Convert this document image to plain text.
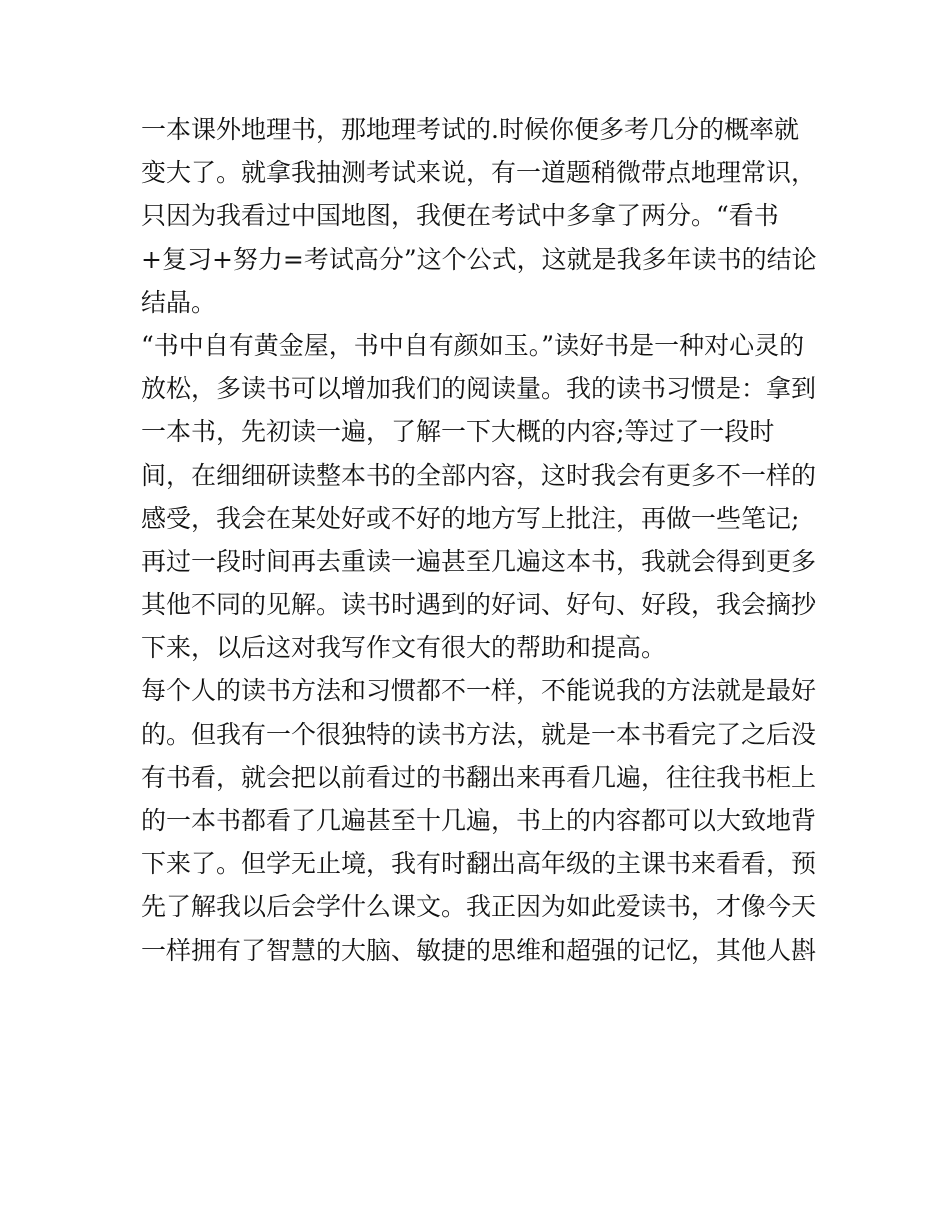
一本课外地理书，那地理考试的.时候你便多考几分的概率就
变大了。就拿我抽测考试来说，有一道题稍微带点地理常识，
只因为我看过中国地图，我便在考试中多拿了两分。“看书
+复习+努力=考试高分”这个公式，这就是我多年读书的结论
结晶。
“书中自有黄金屋，书中自有颜如玉。”读好书是一种对心灵的
放松，多读书可以增加我们的阅读量。我的读书习惯是：拿到
一本书，先初读一遍，了解一下大概的内容;等过了一段时
间，在细细研读整本书的全部内容，这时我会有更多不一样的
感受，我会在某处好或不好的地方写上批注，再做一些笔记;
再过一段时间再去重读一遍甚至几遍这本书，我就会得到更多
其他不同的见解。读书时遇到的好词、好句、好段，我会摘抄
下来，以后这对我写作文有很大的帮助和提高。
每个人的读书方法和习惯都不一样，不能说我的方法就是最好
的。但我有一个很独特的读书方法，就是一本书看完了之后没
有书看，就会把以前看过的书翻出来再看几遍，往往我书柜上
的一本书都看了几遍甚至十几遍，书上的内容都可以大致地背
下来了。但学无止境，我有时翻出高年级的主课书来看看，预
先了解我以后会学什么课文。我正因为如此爱读书，才像今天
一样拥有了智慧的大脑、敏捷的思维和超强的记忆，其他人斟
